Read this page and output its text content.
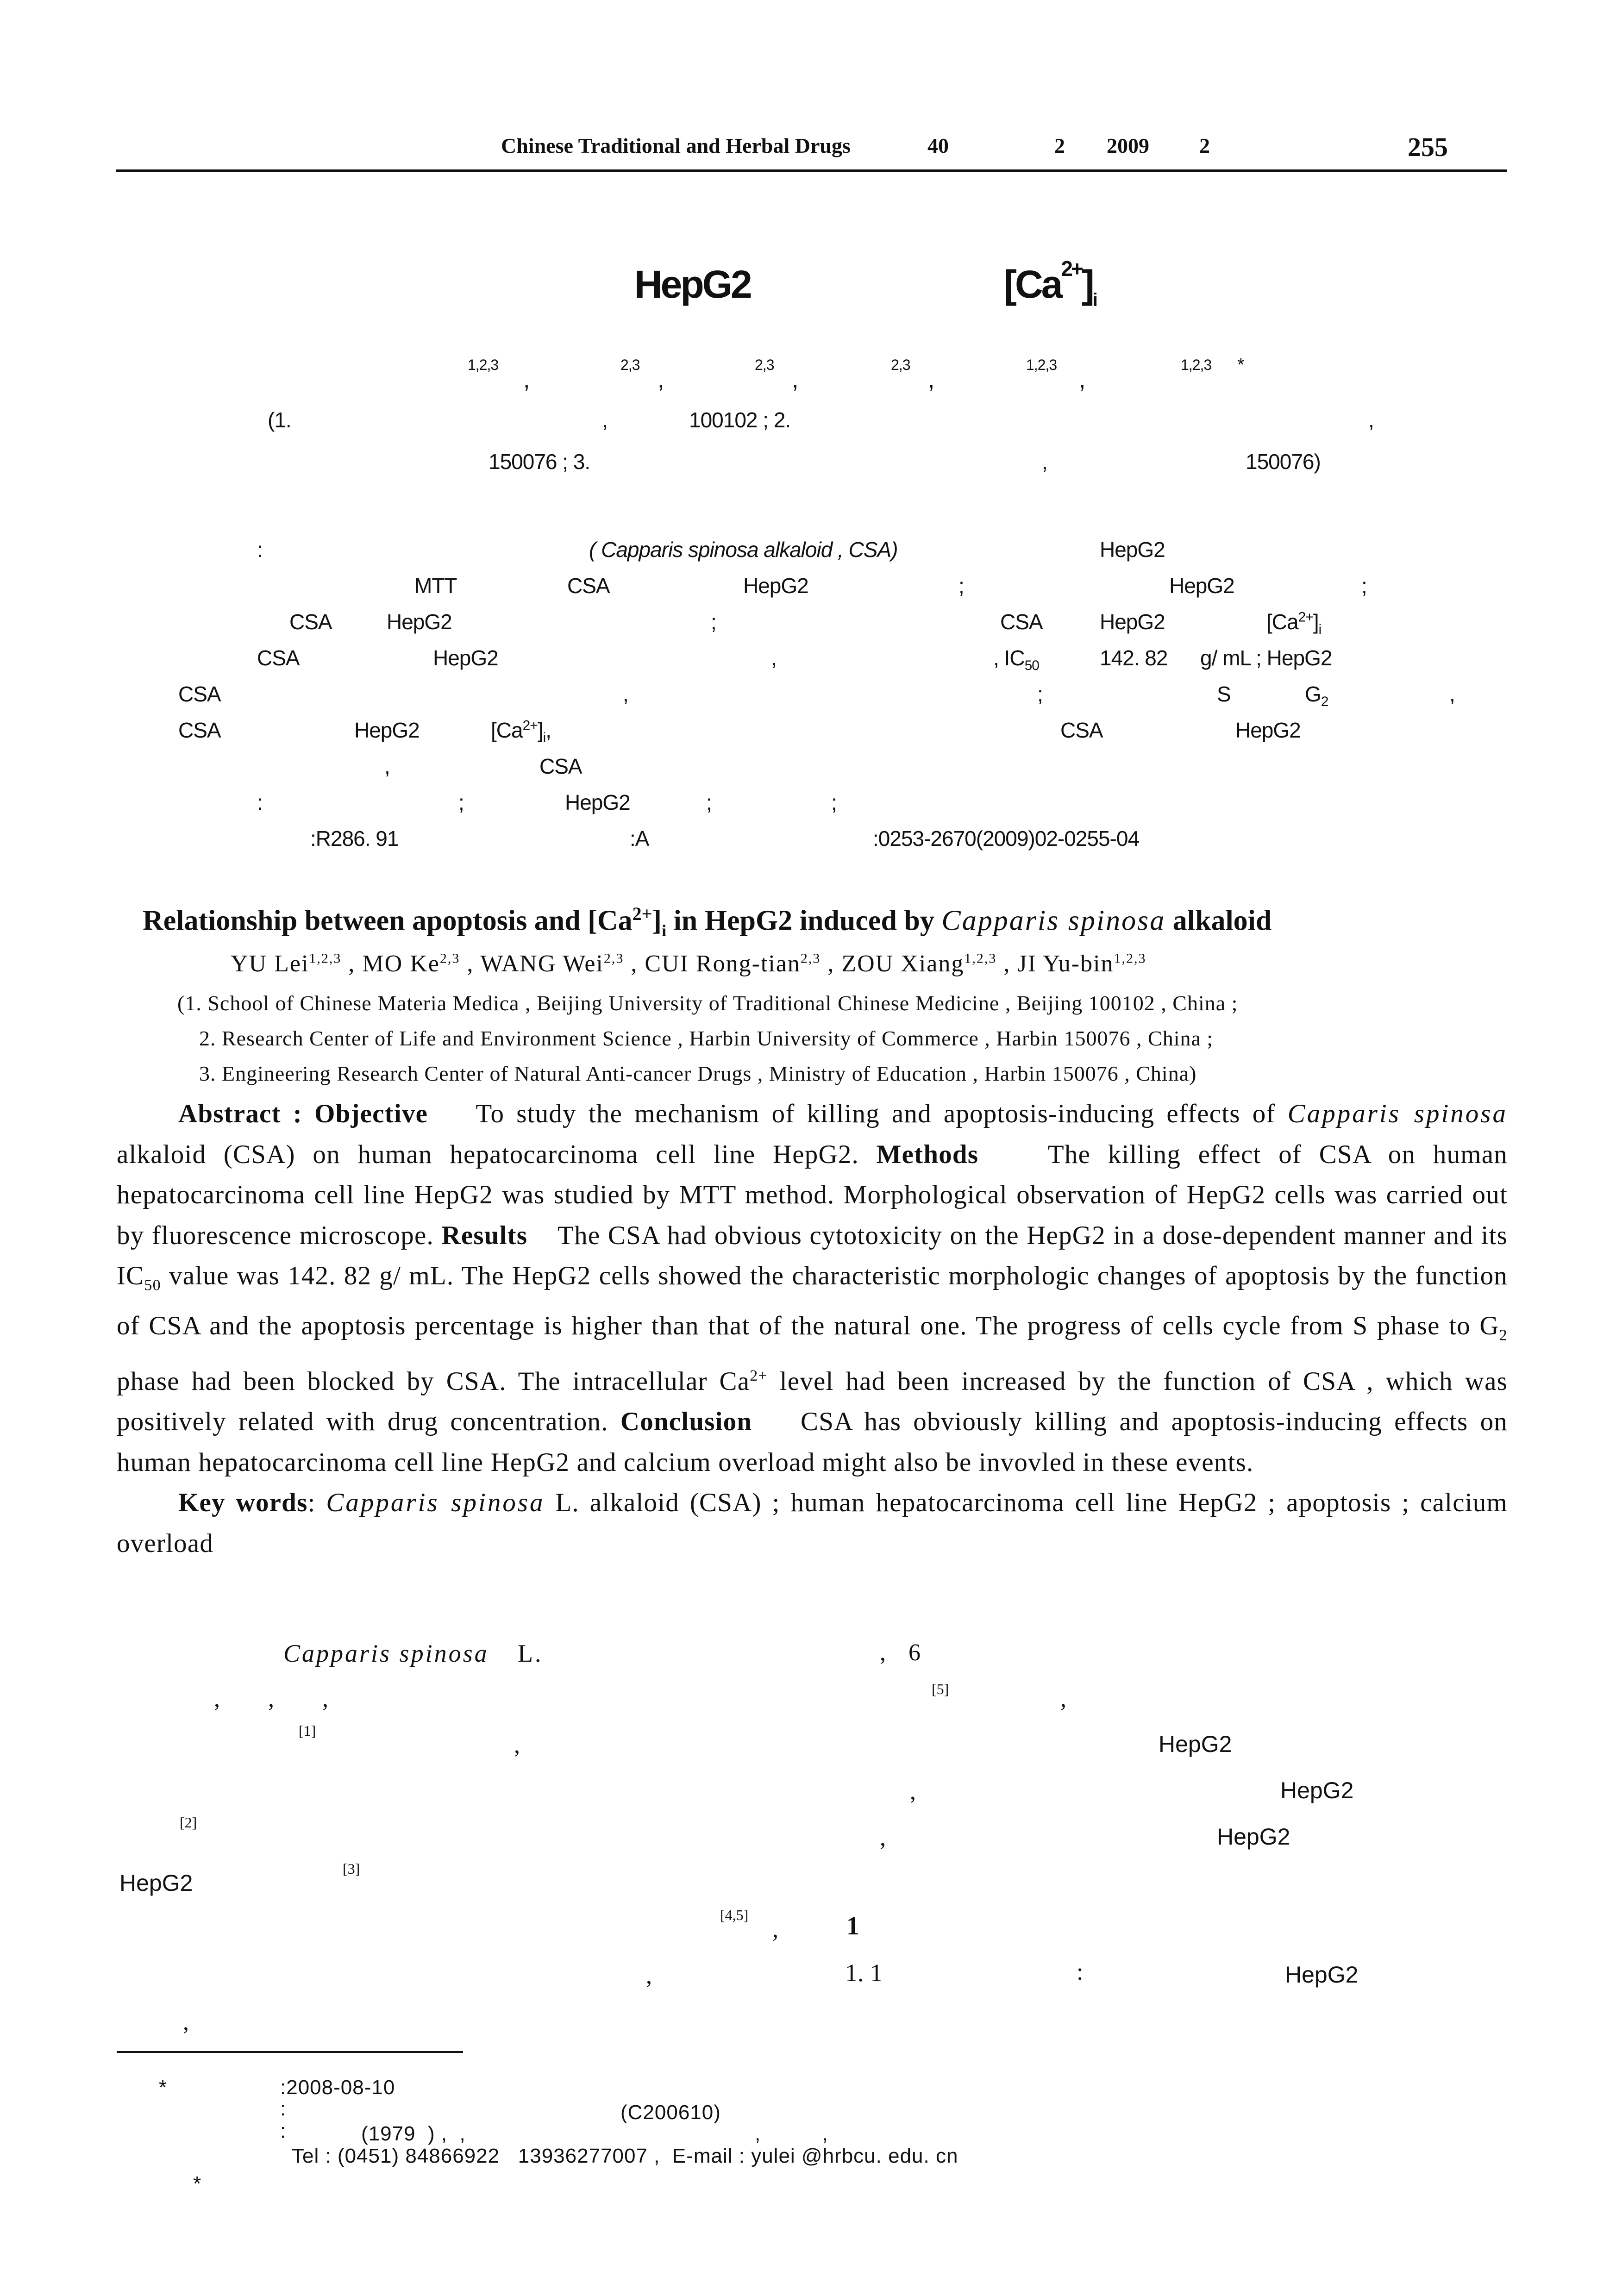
Chinese Traditional and Herbal Drugs	40	2 2009 2	255
HepG2	$[Ca^{2+}]_i$
1,2,3
,
2,3
,
2,3
,
2,3
,
1,2,3
,
1,2,3 *
(1.	,	100102 ; 2.	,
150076 ; 3.	,	150076)
:	( Capparis spinosa alkaloid , CSA)	HepG2
MTT	CSA	HepG2	;	HepG2	;
CSA	HepG2	;	CSA	HepG2	$[Ca^{2+}]_i$
CSA	HepG2	,	, $IC_{50}$	142. 82 g/ mL ; HepG2
CSA	,	;	S	$G_2$	,
CSA	HepG2	$[Ca^{2+}]_i$,	CSA	HepG2
,	CSA
:	;	HepG2	;	;
:R286. 91	:A	:0253-2670(2009)02-0255-04
Relationship between apoptosis and $[Ca^{2+}]_i$ in HepG2 induced by Capparis spinosa alkaloid
YU Lei$^{1,2,3}$ , MO Ke$^{2,3}$ , WANG Wei$^{2,3}$ , CUI Rong-tian$^{2,3}$ , ZOU Xiang$^{1,2,3}$ , JI Yu-bin$^{1,2,3}$
(1. School of Chinese Materia Medica , Beijing University of Traditional Chinese Medicine , Beijing 100102 , China ;
2. Research Center of Life and Environment Science , Harbin University of Commerce , Harbin 150076 , China ;
3. Engineering Research Center of Natural Anti-cancer Drugs , Ministry of Education , Harbin 150076 , China)

Abstract : Objective To study the mechanism of killing and apoptosis-inducing effects of Capparis spinosa alkaloid (CSA) on human hepatocarcinoma cell line HepG2. Methods	The killing effect of CSA on human hepatocarcinoma cell line HepG2 was studied by MTT method. Morphological observation of HepG2 cells was carried out by fluorescence microscope. Results The CSA had obvious cytotoxicity on the HepG2 in a dose-dependent manner and its $IC_{50}$ value was 142. 82 g/ mL. The HepG2 cells showed the characteristic morphologic changes of apoptosis by the function of CSA and the apoptosis percentage is higher than that of the natural one. The progress of cells cycle from S phase to $G_2$ phase had been blocked by CSA. The intracellular $Ca^{2+}$ level had been increased by the function of CSA , which was positively related with drug concentration. Conclusion CSA has obviously killing and apoptosis-inducing effects on human hepatocarcinoma cell line HepG2 and calcium overload might also be invovled in these events.

Key words: Capparis spinosa L. alkaloid (CSA) ; human hepatocarcinoma cell line HepG2 ; apoptosis ; calcium overload

Capparis spinosa L.	, 6
,        ,        ,	[5]	,
[1]
,	HepG2
,	HepG2
[2]
,	HepG2
HepG2
[3]
[4,5]
,	1
,	1. 1	:	HepG2
,
*	:2008-08-10
:	(C200610)
:	(1979  ) ,  ,	,          ,
Tel : (0451) 84866922   13936277007 ,  E-mail : yulei @hrbcu. edu. cn
*
